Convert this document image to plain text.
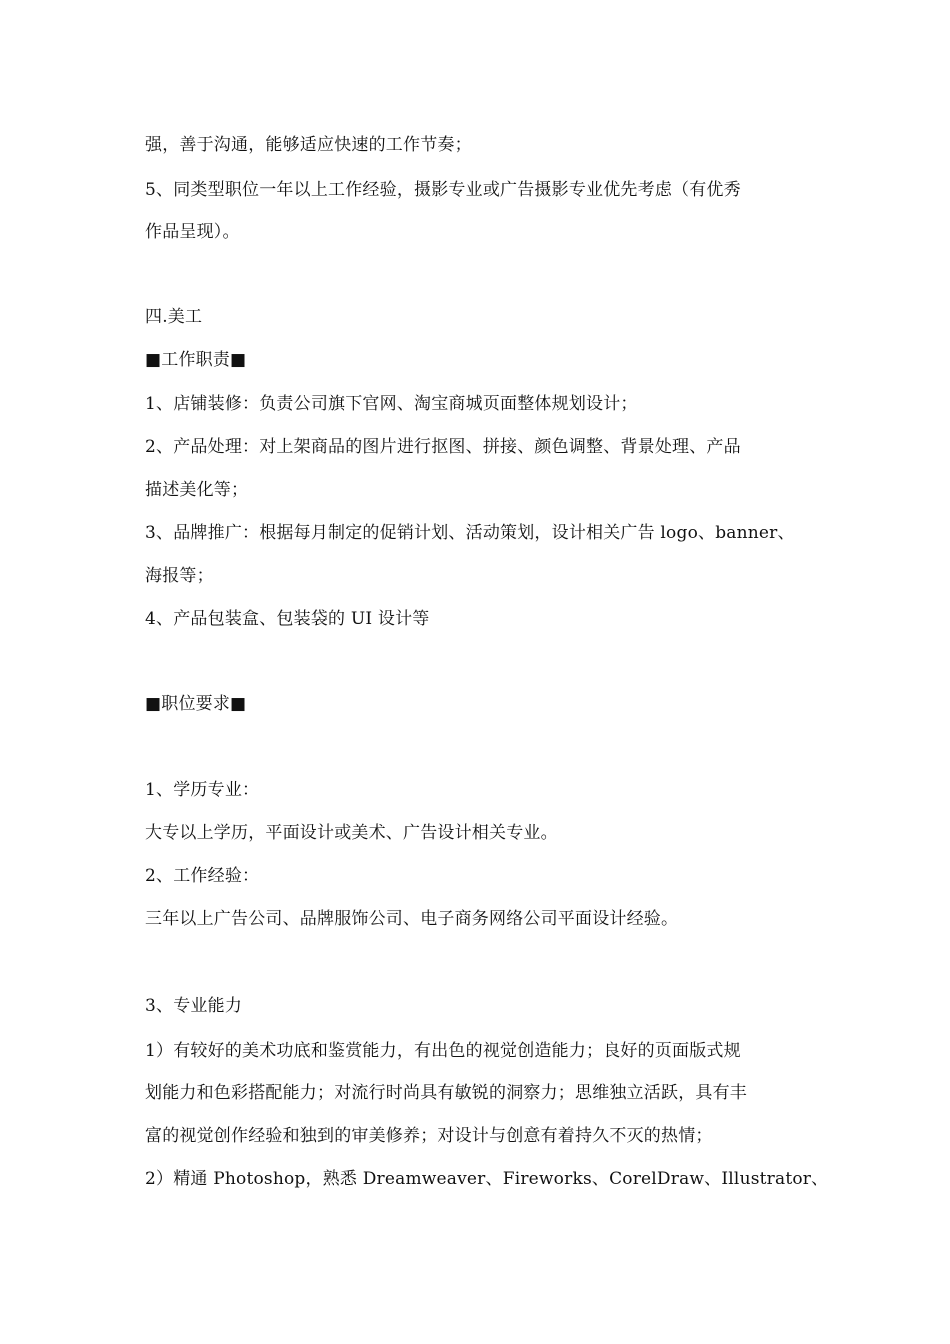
强，善于沟通，能够适应快速的工作节奏；
5、同类型职位一年以上工作经验，摄影专业或广告摄影专业优先考虑（有优秀
作品呈现）。
四.美工
■工作职责■
1、店铺装修：负责公司旗下官网、淘宝商城页面整体规划设计；
2、产品处理：对上架商品的图片进行抠图、拼接、颜色调整、背景处理、产品
描述美化等；
3、品牌推广：根据每月制定的促销计划、活动策划，设计相关广告 logo、banner、
海报等；
4、产品包装盒、包装袋的 UI 设计等
■职位要求■
1、学历专业：
大专以上学历，平面设计或美术、广告设计相关专业。
2、工作经验：
三年以上广告公司、品牌服饰公司、电子商务网络公司平面设计经验。
3、专业能力
1）有较好的美术功底和鉴赏能力，有出色的视觉创造能力；良好的页面版式规
划能力和色彩搭配能力；对流行时尚具有敏锐的洞察力；思维独立活跃，具有丰
富的视觉创作经验和独到的审美修养；对设计与创意有着持久不灭的热情；
2）精通 Photoshop，熟悉 Dreamweaver、Fireworks、CorelDraw、Illustrator、
